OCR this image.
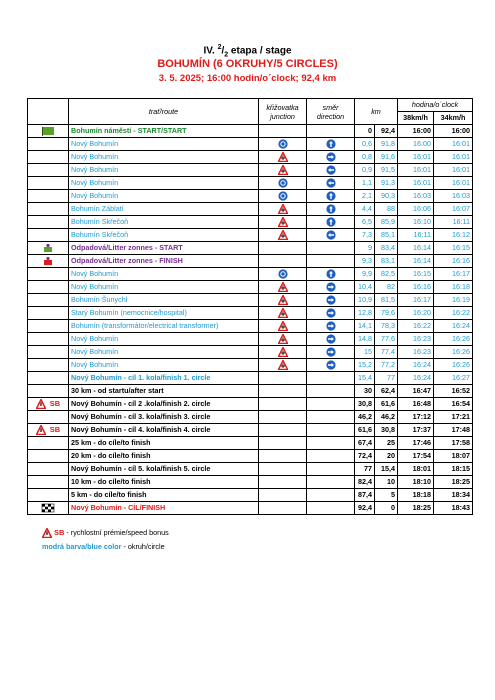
IV. $^2/_2$ etapa / stage
BOHUMÍN (6 OKRUHY/5 CIRCLES)
3. 5. 2025; 16:00 hodin/o´clock; 92,4 km
	trať/route	křižovatka junction	směr direction	km		hodina/o´clock	
						38km/h	34km/h
	Bohumín náměstí - START/START			0	92,4	16:00	16:00
	Nový Bohumín			0,6	91,8	16:00	16:01
	Nový Bohumín			0,8	91,6	16:01	16:01
	Nový Bohumín			0,9	91,5	16:01	16:01
	Nový Bohumín			1,1	91,3	16:01	16:01
	Nový Bohumín			2,1	90,3	16:03	16:03
	Bohumín Záblatí			4,4	88	16:06	16:07
	Bohumín Skřečoň			6,5	85,9	16:10	16:11
	Bohumín Skřečoň			7,3	85,1	16:11	16:12
	Odpadová/Litter zonnes - START			9	83,4	16:14	16:15
	Odpadová/Litter zonnes - FINISH			9,3	83,1	16:14	16:16
	Nový Bohumín			9,9	82,5	16:15	16:17
	Nový Bohumín			10,4	82	16:16	16:18
	Bohumín Šunychl			10,9	81,5	16:17	16:19
	Starý Bohumín (nemocnice/hospital)			12,8	79,6	16:20	16:22
	Bohumín (transformátor/electrical transformer)			14,1	78,3	16:22	16:24
	Nový Bohumín			14,8	77,6	16:23	16:26
	Nový Bohumín			15	77,4	16:23	16:26
	Nový Bohumín			15,2	77,2	16:24	16:26
	Nový Bohumín - cíl 1. kola/finish 1. circle			15,4	77	16:24	16:27
	30 km - od startu/after start			30	62,4	16:47	16:52
SB	Nový Bohumín - cíl 2 .kola/finish 2. circle			30,8	61,6	16:48	16:54
	Nový Bohumín - cíl 3. kola/finish 3. circle			46,2	46,2	17:12	17:21
SB	Nový Bohumín - cíl 4. kola/finish 4. circle			61,6	30,8	17:37	17:48
	25 km - do cíle/to finish			67,4	25	17:46	17:58
	20 km - do cíle/to finish			72,4	20	17:54	18:07
	Nový Bohumín - cíl 5. kola/finish 5. circle			77	15,4	18:01	18:15
	10 km - do cíle/to finish			82,4	10	18:10	18:25
	5 km - do cíle/to finish			87,4	5	18:18	18:34
	Nový Bohumín - CÍL/FINISH			92,4	0	18:25	18:43
SB - rychlostní prémie/speed bonus
modrá barva/blue color - okruh/circle
